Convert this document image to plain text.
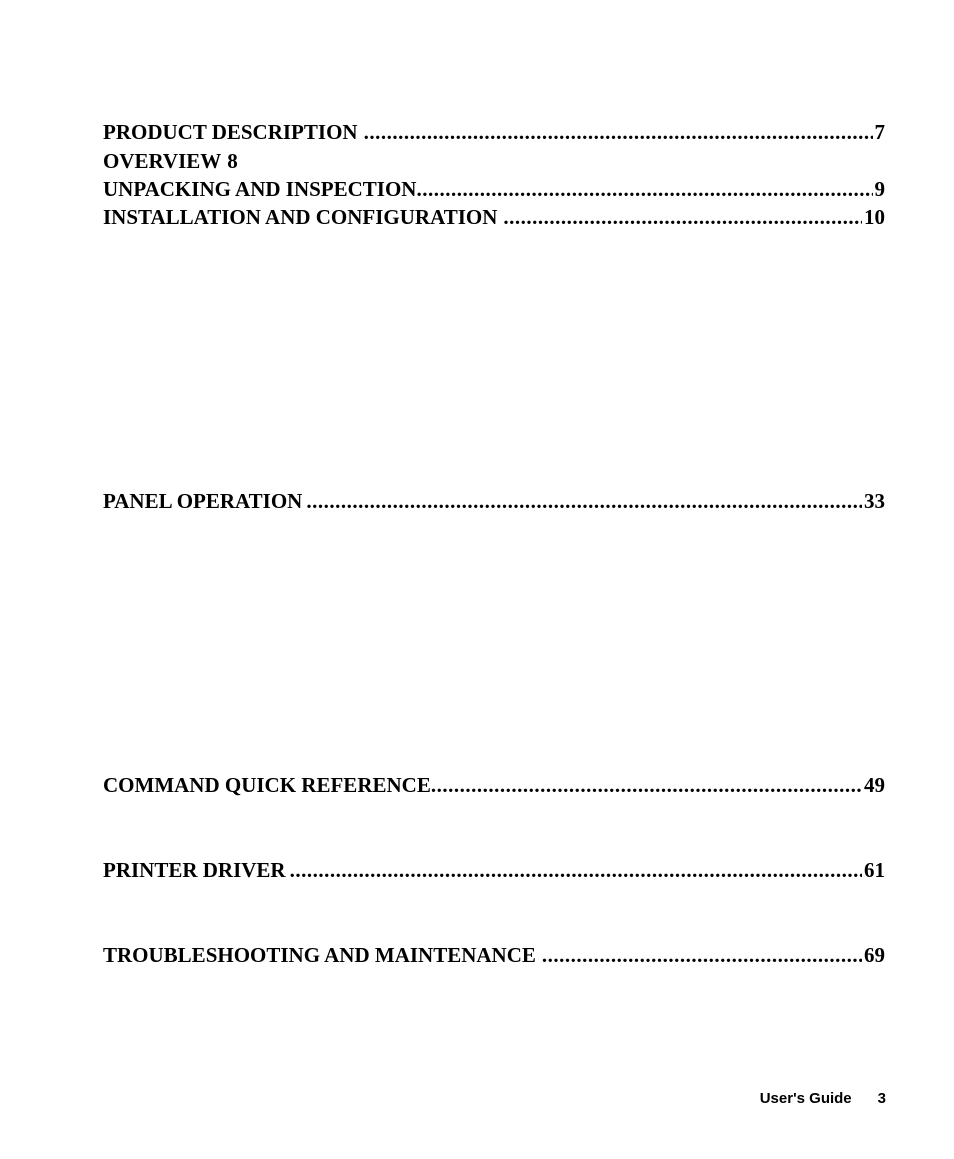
PRODUCT DESCRIPTION .....	7
OVERVIEW 8
UNPACKING AND INSPECTION .....	9
INSTALLATION AND CONFIGURATION .....	10
PANEL OPERATION .....	33
COMMAND QUICK REFERENCE .....	49
PRINTER DRIVER .....	61
TROUBLESHOOTING AND MAINTENANCE .....	69
User's Guide 3
